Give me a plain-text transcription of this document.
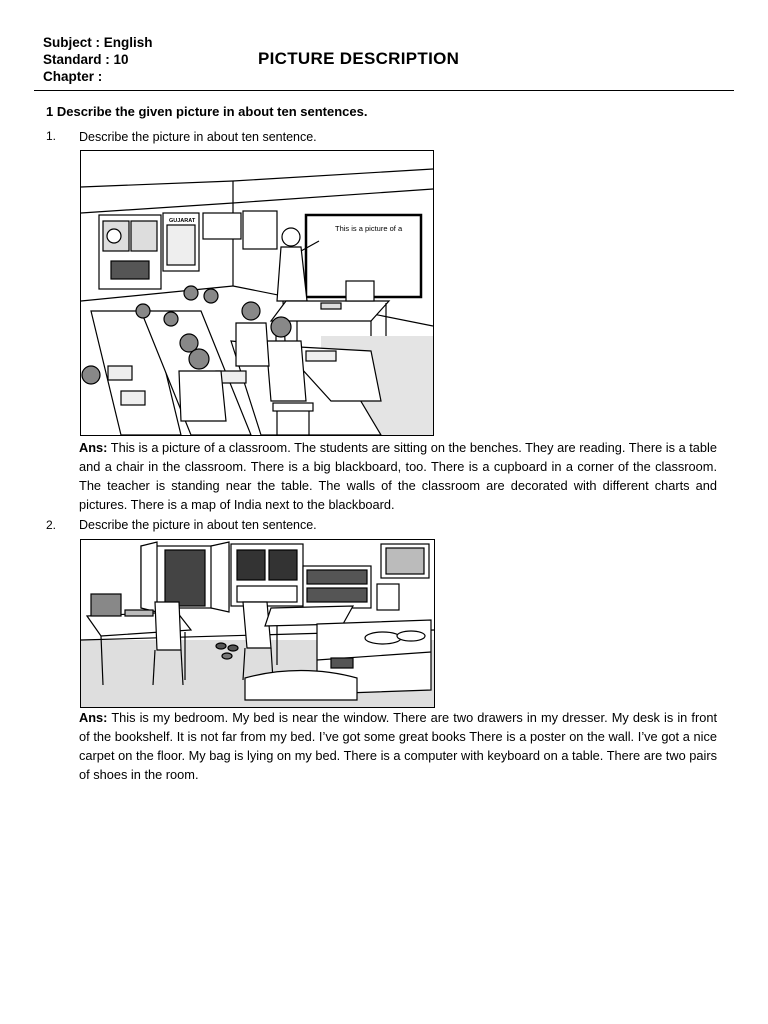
Subject : English
Standard : 10
Chapter :
PICTURE DESCRIPTION
1 Describe the given picture in about ten sentences.
1. Describe the picture in about ten sentence.
This is a picture of a
GUJARAT
Ans: This is a picture of a classroom. The students are sitting on the benches. They are reading. There is a table and a chair in the classroom. There is a big blackboard, too. There is a cupboard in a corner of the classroom. The teacher is standing near the table. The walls of the classroom are decorated with different charts and pictures. There is a map of India next to the blackboard.
2. Describe the picture in about ten sentence.
Ans: This is my bedroom. My bed is near the window. There are two drawers in my dresser. My desk is in front of the bookshelf. It is not far from my bed. I’ve got some great books There is a poster on the wall. I’ve got a nice carpet on the floor. My bag is lying on my bed. There is a computer with keyboard on a table. There are two pairs of shoes in the room.
